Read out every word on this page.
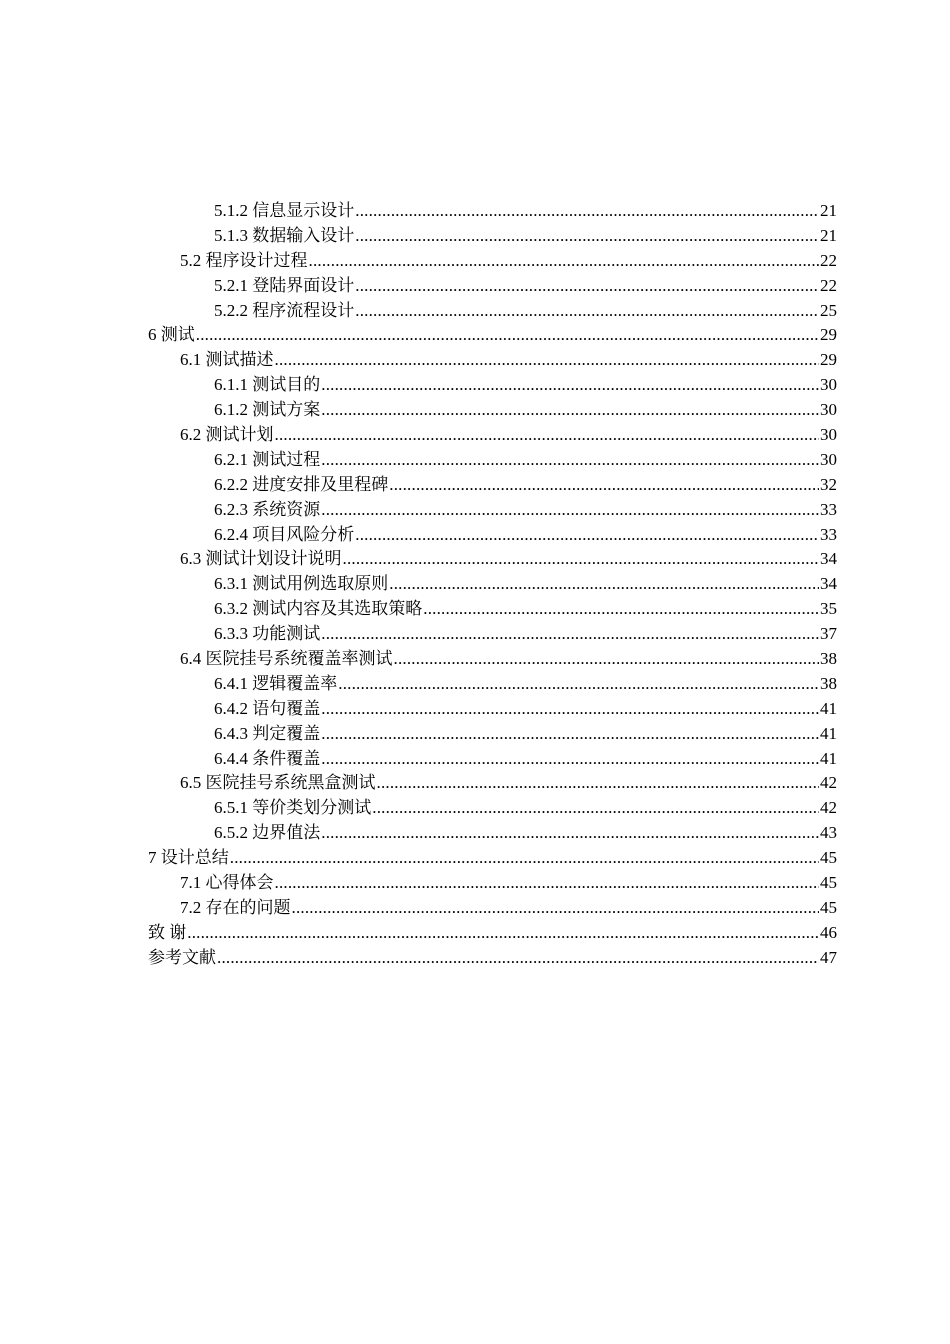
5.1.2 信息显示设计 .....	21
5.1.3 数据输入设计 .....	21
5.2 程序设计过程 .....	22
5.2.1 登陆界面设计 .....	22
5.2.2 程序流程设计 .....	25
6 测试 .....	29
6.1 测试描述 .....	29
6.1.1 测试目的 .....	30
6.1.2 测试方案 .....	30
6.2 测试计划 .....	30
6.2.1 测试过程 .....	30
6.2.2 进度安排及里程碑 .....	32
6.2.3 系统资源 .....	33
6.2.4 项目风险分析 .....	33
6.3 测试计划设计说明 .....	34
6.3.1 测试用例选取原则 .....	34
6.3.2 测试内容及其选取策略 .....	35
6.3.3 功能测试 .....	37
6.4 医院挂号系统覆盖率测试 .....	38
6.4.1 逻辑覆盖率 .....	38
6.4.2 语句覆盖 .....	41
6.4.3 判定覆盖 .....	41
6.4.4 条件覆盖 .....	41
6.5 医院挂号系统黑盒测试 .....	42
6.5.1 等价类划分测试 .....	42
6.5.2 边界值法 .....	43
7 设计总结 .....	45
7.1 心得体会 .....	45
7.2 存在的问题 .....	45
致 谢 .....	46
参考文献 .....	47
